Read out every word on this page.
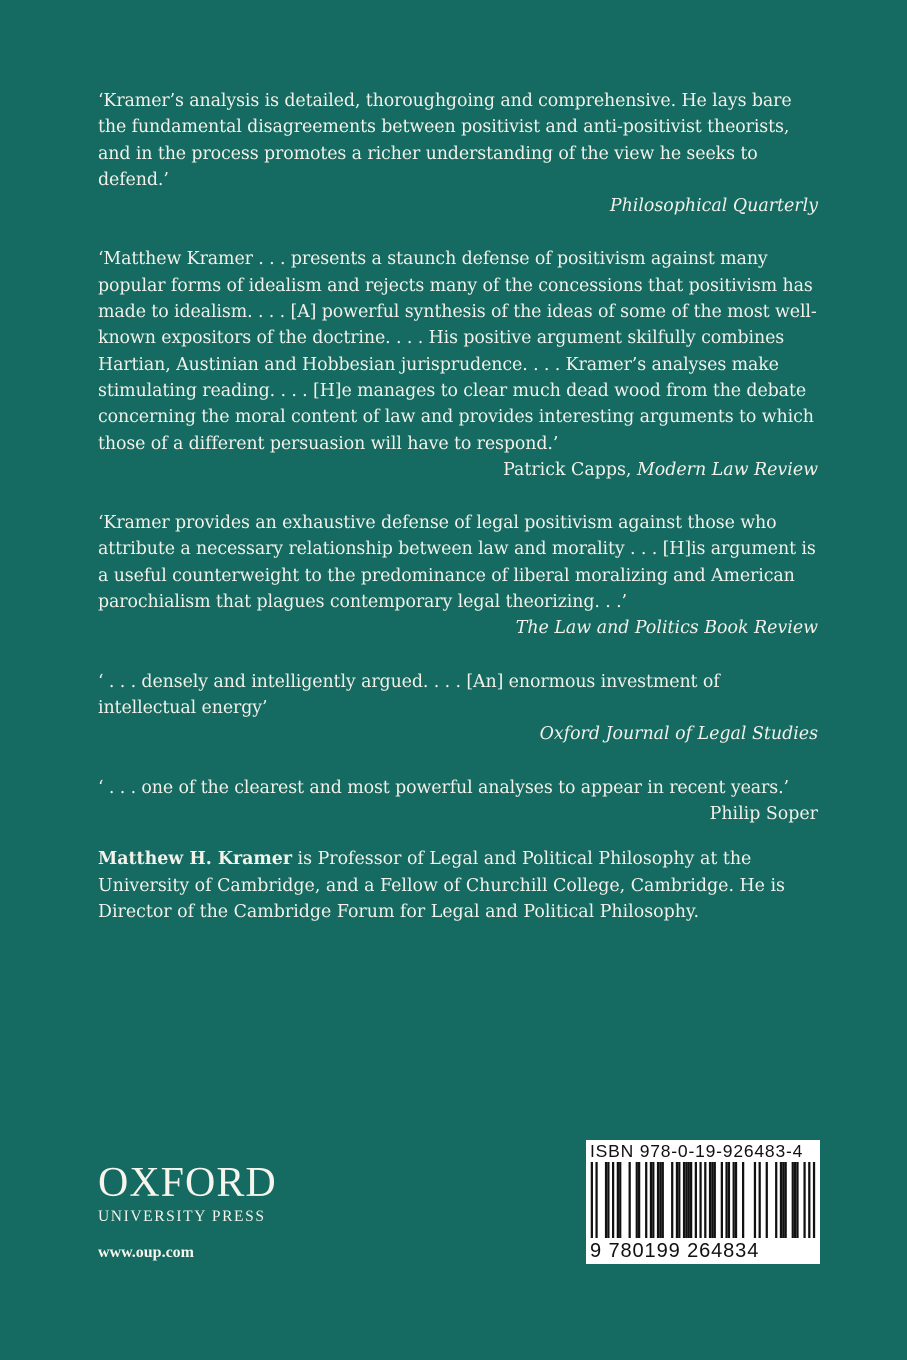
‘Kramer’s analysis is detailed, thoroughgoing and comprehensive. He lays bare the fundamental disagreements between positivist and anti-positivist theorists, and in the process promotes a richer understanding of the view he seeks to defend.’

Philosophical Quarterly

‘Matthew Kramer . . . presents a staunch defense of positivism against many popular forms of idealism and rejects many of the concessions that positivism has made to idealism. . . . [A] powerful synthesis of the ideas of some of the most well-known expositors of the doctrine. . . . His positive argument skilfully combines Hartian, Austinian and Hobbesian jurisprudence. . . . Kramer’s analyses make stimulating reading. . . . [H]e manages to clear much dead wood from the debate concerning the moral content of law and provides interesting arguments to which those of a different persuasion will have to respond.’

Patrick Capps, Modern Law Review

‘Kramer provides an exhaustive defense of legal positivism against those who attribute a necessary relationship between law and morality . . . [H]is argument is a useful counterweight to the predominance of liberal moralizing and American parochialism that plagues contemporary legal theorizing. . .’

The Law and Politics Book Review

‘ . . . densely and intelligently argued. . . . [An] enormous investment of intellectual energy’

Oxford Journal of Legal Studies

‘ . . . one of the clearest and most powerful analyses to appear in recent years.’

Philip Soper

Matthew H. Kramer is Professor of Legal and Political Philosophy at the University of Cambridge, and a Fellow of Churchill College, Cambridge. He is Director of the Cambridge Forum for Legal and Political Philosophy.
OXFORD
UNIVERSITY PRESS
www.oup.com
ISBN 978-0-19-926483-4
9 780199 264834
